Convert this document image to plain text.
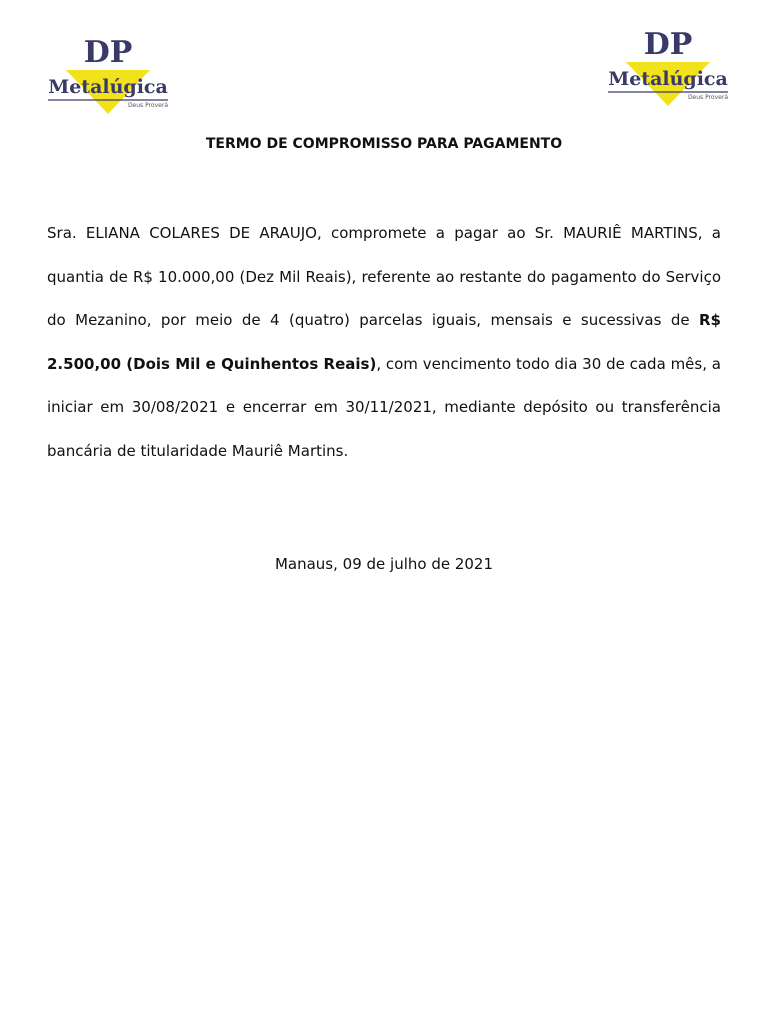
DP
Metalúgica
Deus Proverá
DP
Metalúgica
Deus Proverá
TERMO DE COMPROMISSO PARA PAGAMENTO
Sra. ELIANA COLARES DE ARAUJO, compromete a pagar ao Sr. MAURIÊ MARTINS, a quantia de R$ 10.000,00 (Dez Mil Reais), referente ao restante do pagamento do Serviço do Mezanino, por meio de 4 (quatro) parcelas iguais, mensais e sucessivas de R$ 2.500,00 (Dois Mil e Quinhentos Reais), com vencimento todo dia 30 de cada mês, a iniciar em 30/08/2021 e encerrar em 30/11/2021, mediante depósito ou transferência bancária de titularidade Mauriê Martins.
Manaus, 09 de julho de 2021
